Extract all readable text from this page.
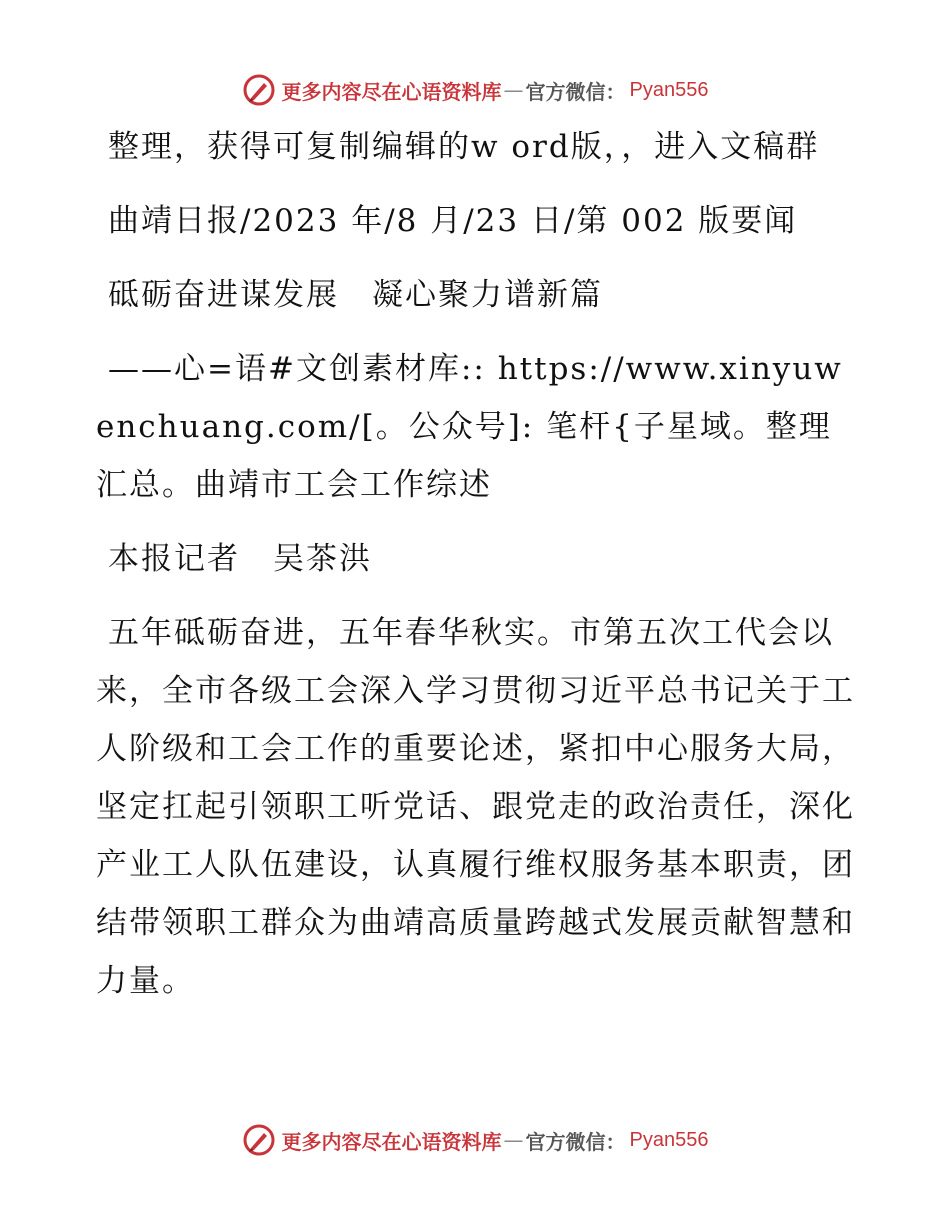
更多内容尽在心语资料库 — 官方微信： Pyan556

整理，获得可复制编辑的w ord版，，进入文稿群

曲靖日报/2023 年/8 月/23 日/第 002 版要闻

砥砺奋进谋发展　凝心聚力谱新篇

——心=语#文创素材库:: https://www.xinyuwenchuang.com/[。公众号]: 笔杆{子星域。整理汇总。曲靖市工会工作综述

本报记者　吴茶洪

五年砥砺奋进，五年春华秋实。市第五次工代会以来，全市各级工会深入学习贯彻习近平总书记关于工人阶级和工会工作的重要论述，紧扣中心服务大局，坚定扛起引领职工听党话、跟党走的政治责任，深化产业工人队伍建设，认真履行维权服务基本职责，团结带领职工群众为曲靖高质量跨越式发展贡献智慧和力量。

更多内容尽在心语资料库 — 官方微信： Pyan556
